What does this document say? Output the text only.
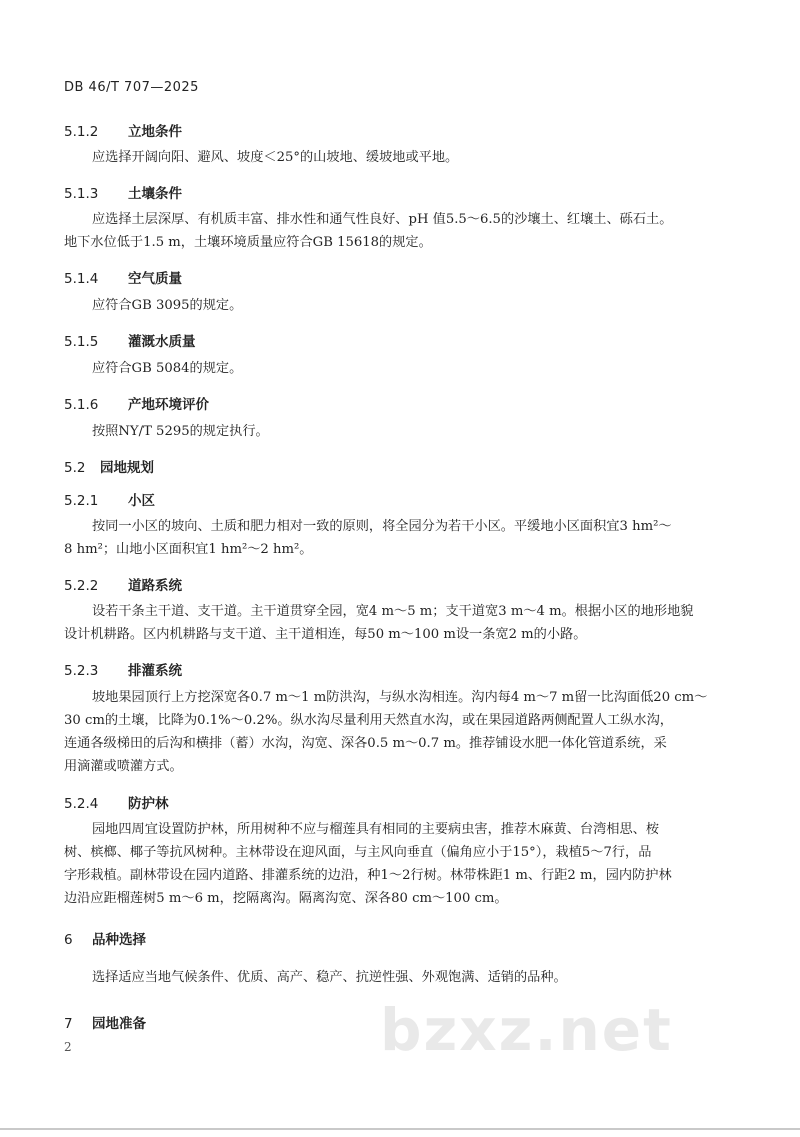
DB 46/T 707—2025
5.1.2 立地条件
应选择开阔向阳、避风、坡度＜25°的山坡地、缓坡地或平地。
5.1.3 土壤条件
应选择土层深厚、有机质丰富、排水性和通气性良好、pH 值5.5～6.5的沙壤土、红壤土、砾石土。
地下水位低于1.5 m，土壤环境质量应符合GB 15618的规定。
5.1.4 空气质量
应符合GB 3095的规定。
5.1.5 灌溉水质量
应符合GB 5084的规定。
5.1.6 产地环境评价
按照NY/T 5295的规定执行。
5.2 园地规划
5.2.1 小区
按同一小区的坡向、土质和肥力相对一致的原则，将全园分为若干小区。平缓地小区面积宜3 hm²～
8 hm²；山地小区面积宜1 hm²～2 hm²。
5.2.2 道路系统
设若干条主干道、支干道。主干道贯穿全园，宽4 m～5 m；支干道宽3 m～4 m。根据小区的地形地貌
设计机耕路。区内机耕路与支干道、主干道相连，每50 m～100 m设一条宽2 m的小路。
5.2.3 排灌系统
坡地果园顶行上方挖深宽各0.7 m～1 m防洪沟，与纵水沟相连。沟内每4 m～7 m留一比沟面低20 cm～
30 cm的土壤，比降为0.1%～0.2%。纵水沟尽量利用天然直水沟，或在果园道路两侧配置人工纵水沟，
连通各级梯田的后沟和横排（蓄）水沟，沟宽、深各0.5 m～0.7 m。推荐铺设水肥一体化管道系统，采
用滴灌或喷灌方式。
5.2.4 防护林
园地四周宜设置防护林，所用树种不应与榴莲具有相同的主要病虫害，推荐木麻黄、台湾相思、桉
树、槟榔、椰子等抗风树种。主林带设在迎风面，与主风向垂直（偏角应小于15°），栽植5～7行，品
字形栽植。副林带设在园内道路、排灌系统的边沿，种1～2行树。林带株距1 m、行距2 m，园内防护林
边沿应距榴莲树5 m～6 m，挖隔离沟。隔离沟宽、深各80 cm～100 cm。
6 品种选择
选择适应当地气候条件、优质、高产、稳产、抗逆性强、外观饱满、适销的品种。
7 园地准备	bzxz.net
2
